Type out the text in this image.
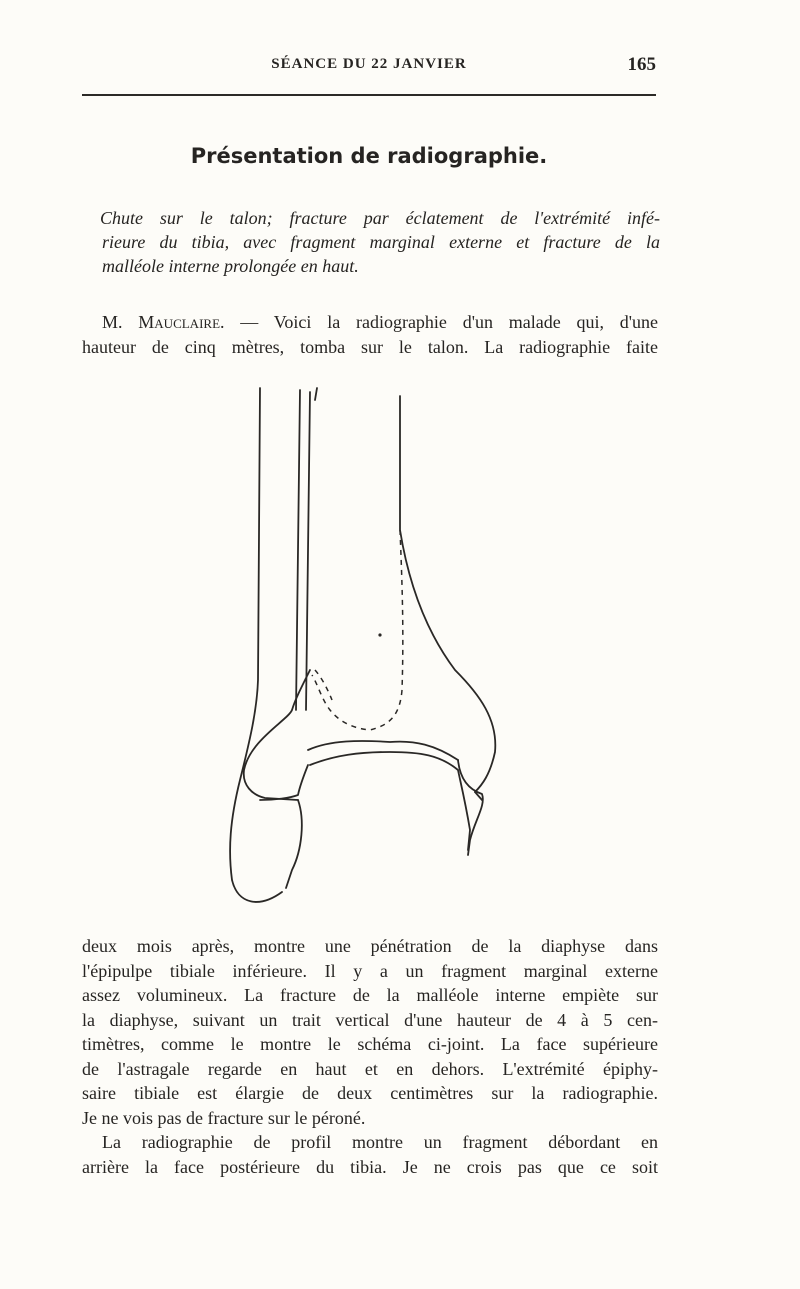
SÉANCE DU 22 JANVIER	165
Présentation de radiographie.
Chute sur le talon; fracture par éclatement de l'extrémité infé-
rieure du tibia, avec fragment marginal externe et fracture de la
malléole interne prolongée en haut.
M. Mauclaire. — Voici la radiographie d'un malade qui, d'une
hauteur de cinq mètres, tomba sur le talon. La radiographie faite
deux mois après, montre une pénétration de la diaphyse dans
l'épipulpe tibiale inférieure. Il y a un fragment marginal externe
assez volumineux. La fracture de la malléole interne empiète sur
la diaphyse, suivant un trait vertical d'une hauteur de 4 à 5 cen-
timètres, comme le montre le schéma ci-joint. La face supérieure
de l'astragale regarde en haut et en dehors. L'extrémité épiphy-
saire tibiale est élargie de deux centimètres sur la radiographie.
Je ne vois pas de fracture sur le péroné.
La radiographie de profil montre un fragment débordant en
arrière la face postérieure du tibia. Je ne crois pas que ce soit
